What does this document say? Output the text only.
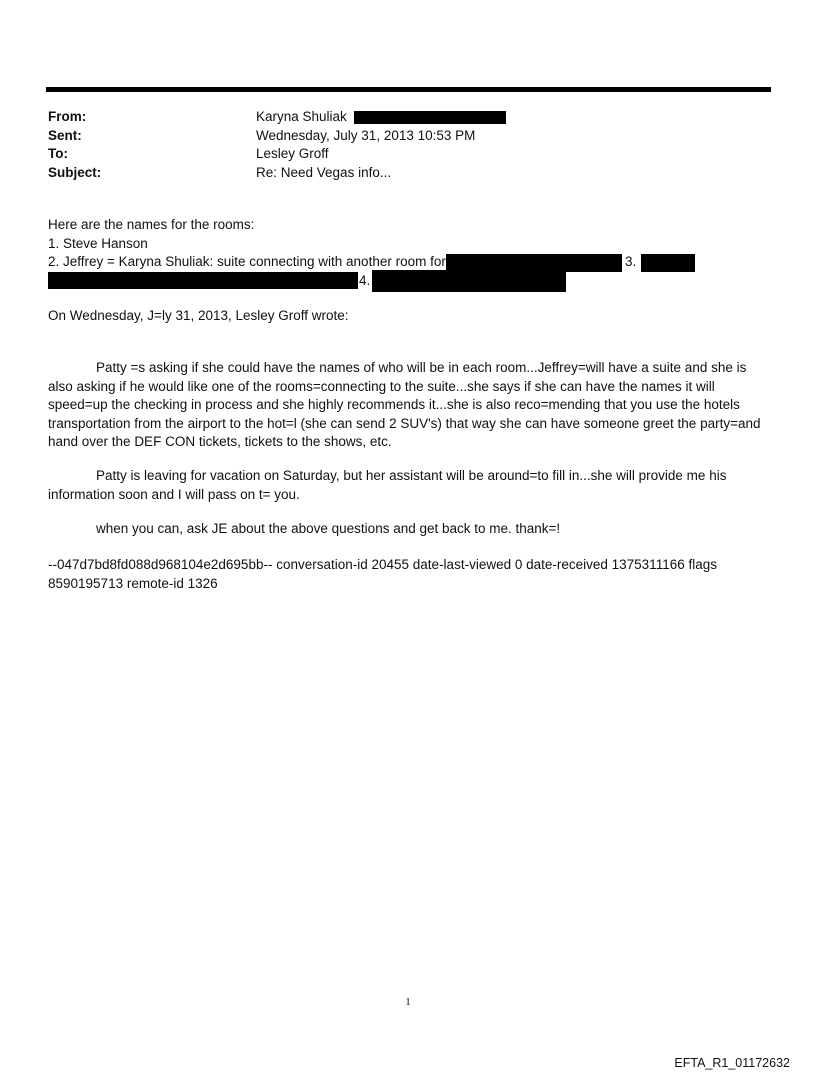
From:	Karyna Shuliak
Sent:	Wednesday, July 31, 2013 10:53 PM
To:	Lesley Groff
Subject:	Re: Need Vegas info...
Here are the names for the rooms:
1. Steve Hanson
2. Jeffrey = Karyna Shuliak: suite connecting with another room for	3.
4.
On Wednesday, J=ly 31, 2013, Lesley Groff wrote:
Patty =s asking if she could have the names of who will be in each room...Jeffrey=will have a suite and she is also asking if he would like one of the rooms=connecting to the suite...she says if she can have the names it will speed=up the checking in process and she highly recommends it...she is also reco=mending that you use the hotels transportation from the airport to the hot=l (she can send 2 SUV's) that way she can have someone greet the party=and hand over the DEF CON tickets, tickets to the shows, etc.
Patty is leaving for vacation on Saturday, but her assistant will be around=to fill in...she will provide me his information soon and I will pass on t= you.
when you can, ask JE about the above questions and get back to me. thank=!
--047d7bd8fd088d968104e2d695bb-- conversation-id 20455 date-last-viewed 0 date-received 1375311166 flags 8590195713 remote-id 1326
1
EFTA_R1_01172632
